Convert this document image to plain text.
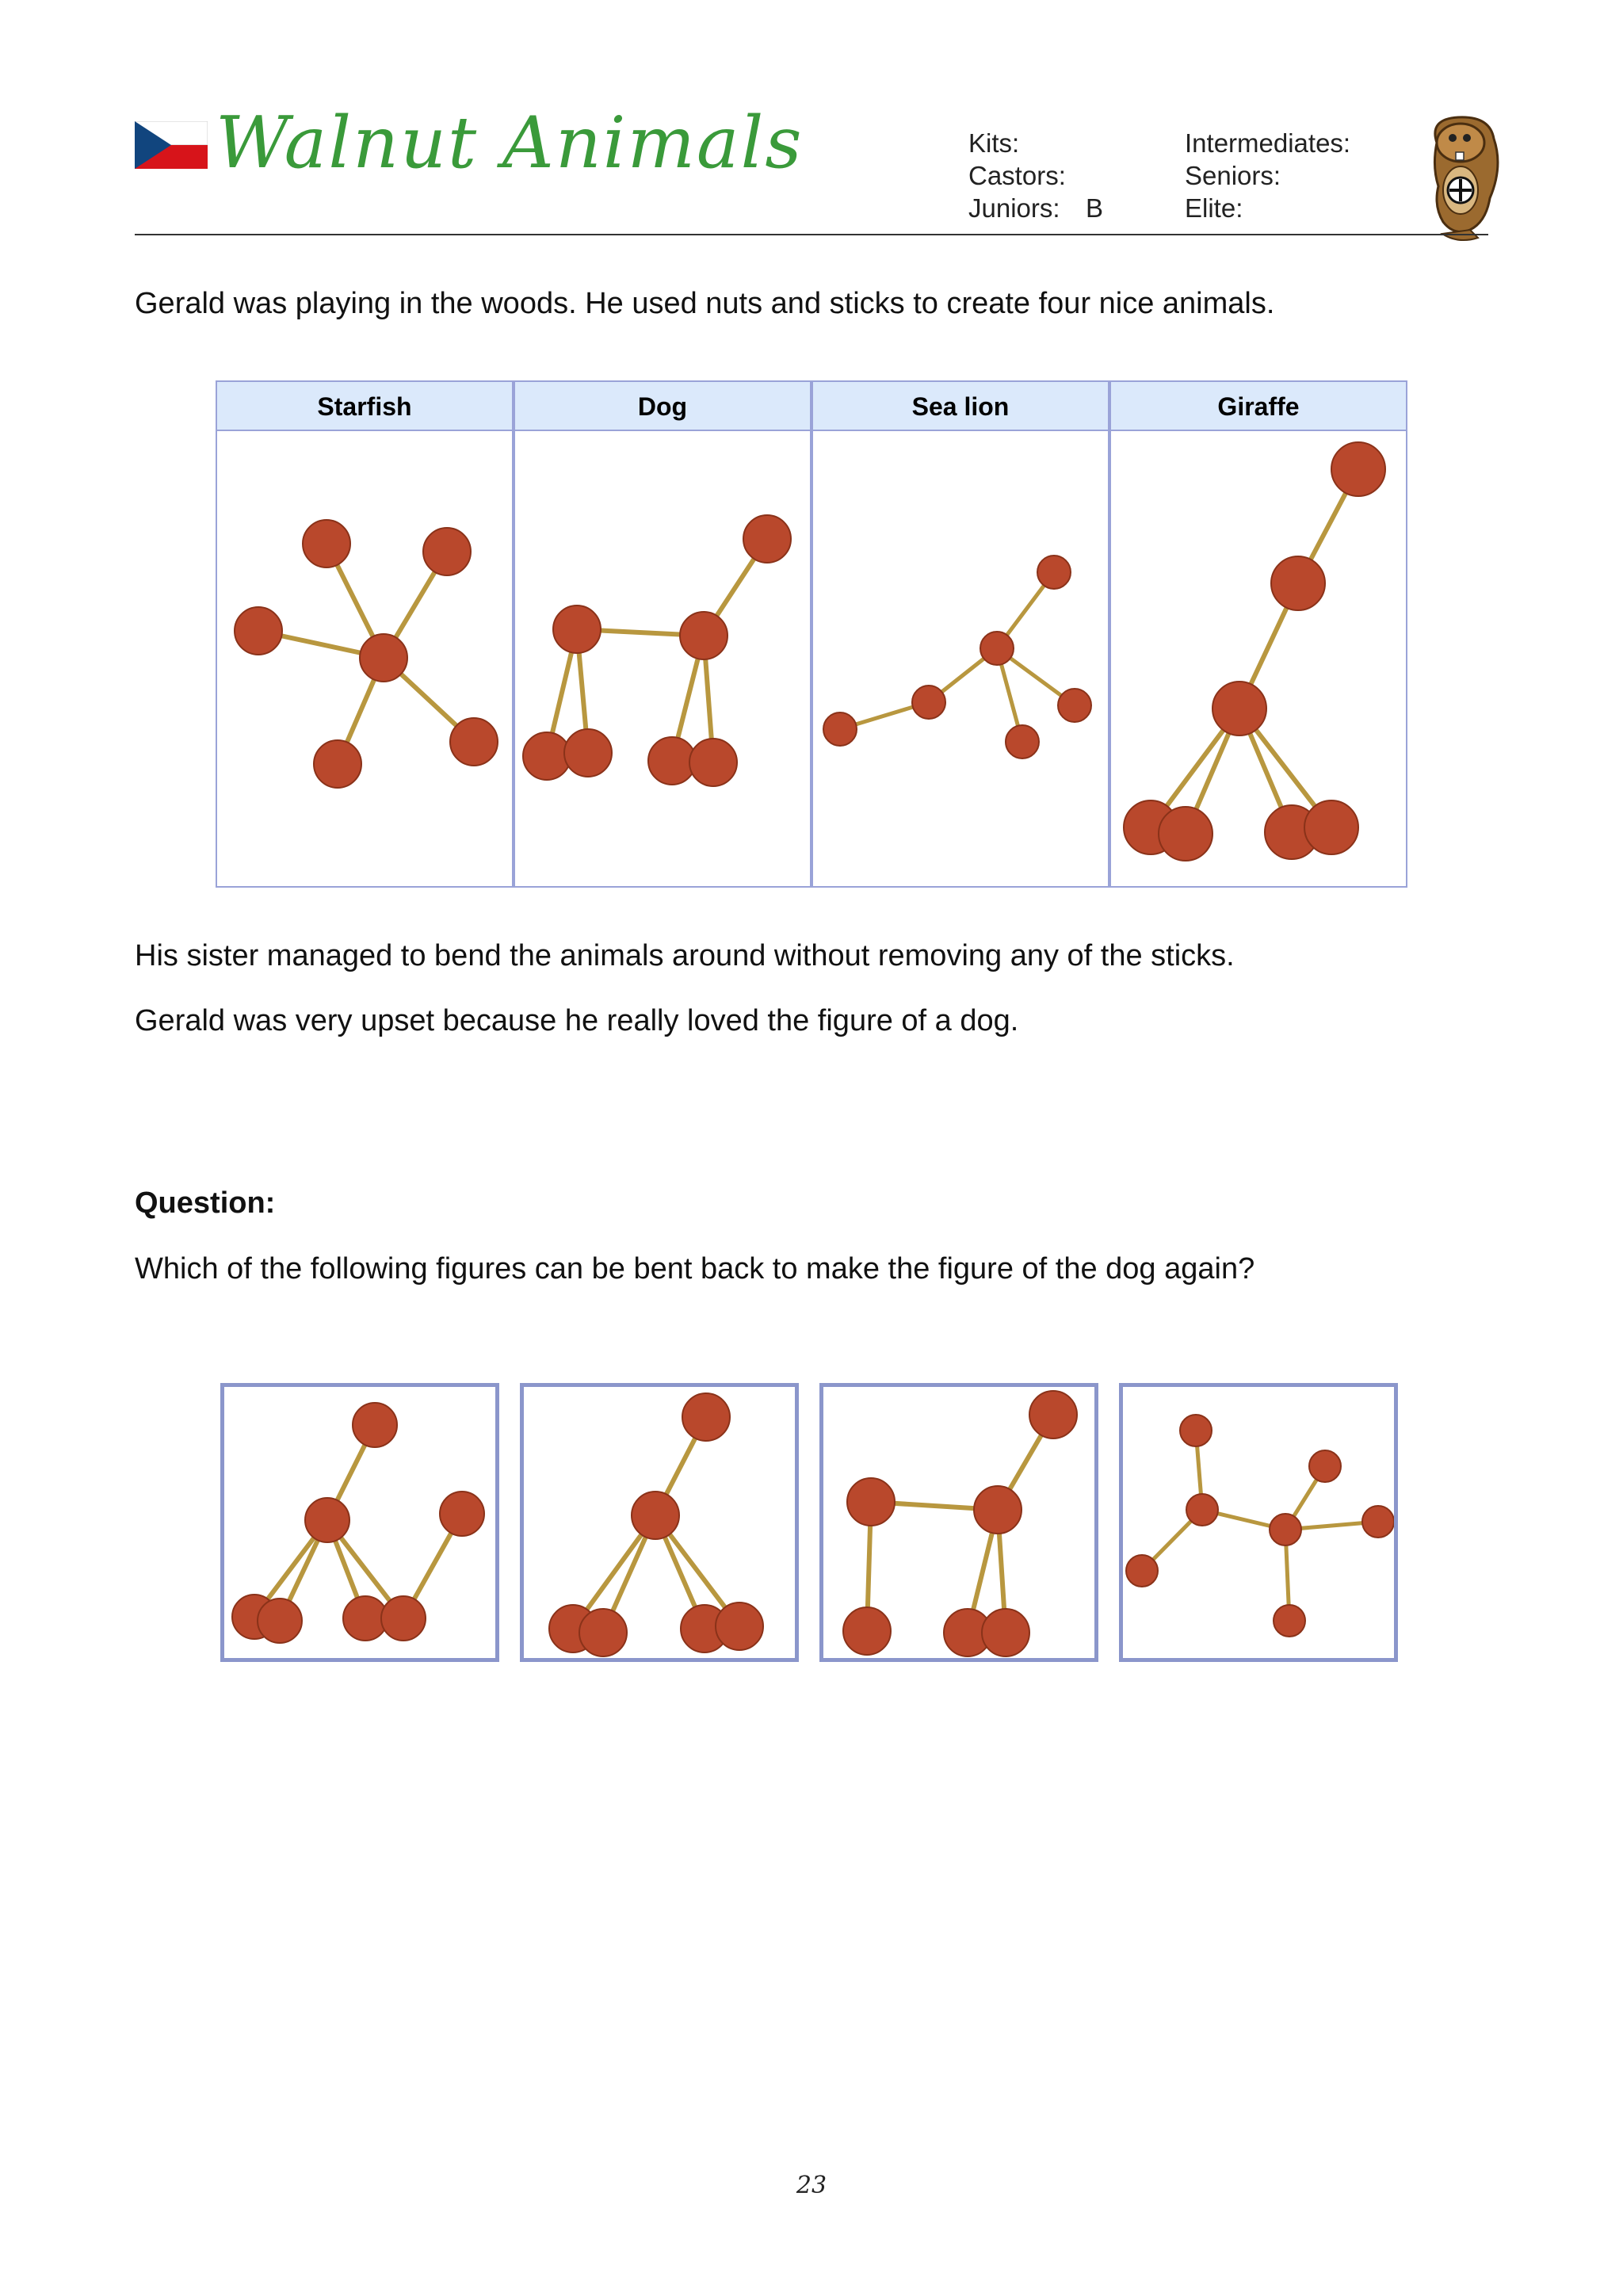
Walnut Animals	Kits:
Castors:
Juniors: B
Intermediates:
Seniors:
Elite:
Gerald was playing in the woods. He used nuts and sticks to create four nice animals.
Starfish	Dog	Sea lion	Giraffe
His sister managed to bend the animals around without removing any of the sticks.
Gerald was very upset because he really loved the figure of a dog.
Question:
Which of the following figures can be bent back to make the figure of the dog again?
23
